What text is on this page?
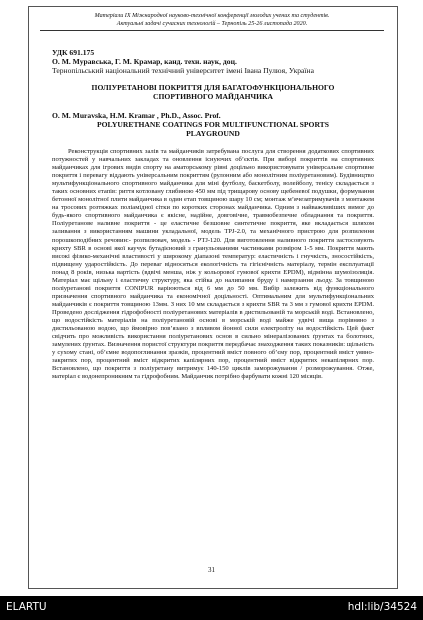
Матеріали ІХ Міжнародної науково-технічної конференції молодих учених та студентів.
Актуальні задачі сучасних технологій – Тернопіль 25-26 листопада 2020.
УДК 691.175
О. М. Муравська, Г. М. Крамар, канд. техн. наук, доц.
Тернопільський національний технічний університет імені Івана Пулюя, Україна
ПОЛІУРЕТАНОВІ ПОКРИТТЯ ДЛЯ БАГАТОФУНКЦІОНАЛЬНОГО СПОРТИВНОГО МАЙДАНЧИКА
O. M. Muravska, H.M. Kramar , Ph.D., Assoc. Prof.
POLYURETHANE COATINGS FOR MULTIFUNCTIONAL SPORTS PLAYGROUND

Реконструкція спортивних залів та майданчиків затребувана послуга для створення додаткових спортивних потужностей у навчальних закладах та оновлення існуючих об’єктів. При виборі покриттів на спортивних майданчиках для ігрових видів спорту на аматорському рівні доцільно використовувати універсальне спортивне покриття і перевагу віддають універсальним покриттям (рулонним або монолітним поліуретановим). Будівництво мультифункціонального спортивного майданчика для міні футболу, баскетболу, волейболу, тенісу складається з таких основних етапів: риття котловану глибиною 450 мм під трищарову основу щебеневої подушки, формування бетонної монолітної плити майданчика в один етап товщиною шару 10 см; монтаж м’ячезатримувачів з монтажем на тросових розтяжках поліамідної сітки по коротких сторонах майданчика. Одним з найважливіших вимог до будь-якого спортивного майданчика є якісне, надійне, довговічне, травмобезпечне обладнання та покриття. Поліуретанове наливне покриття - це еластичне безшовне синтетичне покриття, яке вкладається шляхом заливання з використанням машини укладальної, модель ТРЈ-2.0, та механічного пристрою для розпилення порошкоподібних речовин:- розпилювач, модель - РТЈ-120. Для виготовлення наливного покриття застосовують крихту SBR в основі якої каучук бутадієновий з гранульованими частинками розміром 1-5 мм. Покриття мають високі фізико-механічні властивості у широкому діапазоні температур: еластичність і гнучкість, зносостійкість, підвищену ударостійкість. До переваг відносяться екологічність та гігієнічність матеріалу, термін експлуатації понад 8 років, низька вартість (вдвічі менша, ніж у кольорової гумової крихти EPDM), відмінна шумоізоляція. Матеріал має щільну і еластичну структуру, яка стійка до налипання бруду і намерзання льоду. За товщиною поліуретанові покриття CONIPUR варіюються від 6 мм до 50 мм. Вибір залежить від функціонального призначення спортивного майданчика та економічної доцільності. Оптимальним для мультифункціональних майданчиків є покриття товщиною 13мм. З них 10 мм складається з крихти SBR та 3 мм з гумової крихти EPDM. Проведено дослідження гідрофобності поліуретанових матеріалів в дистильованій та морській воді. Встановлено, що водостійкість матеріалів на поліуретановій основі в морській воді майже удвічі вища порівняно з дистильованою водою, що ймовірно пов’язано з впливом йонної сили електроліту на водостійкість Цей факт свідчить про можливість використання поліуретанових основ в сильно мінералізованих ґрунтах та болотних, замулених ґрунтах. Визначення пористої структури покриття передбачає знаходження таких показників: щільність у сухому стані, об’ємне водопоглинання зразків, процентний вміст повного об’єму пор, процентний вміст уявно-закритих пор, процентний вміст відкритих капілярних пор, процентний вміст відкритих некапілярних пор. Встановлено, що покриття з поліуретану витримує 140-150 циклів заморожування / розморожування. Отже, матеріал є водонепроникним та гідрофобним. Майданчик потрібно фарбувати кожні 120 місяців.

31
ELARTU	hdl:lib/34524
